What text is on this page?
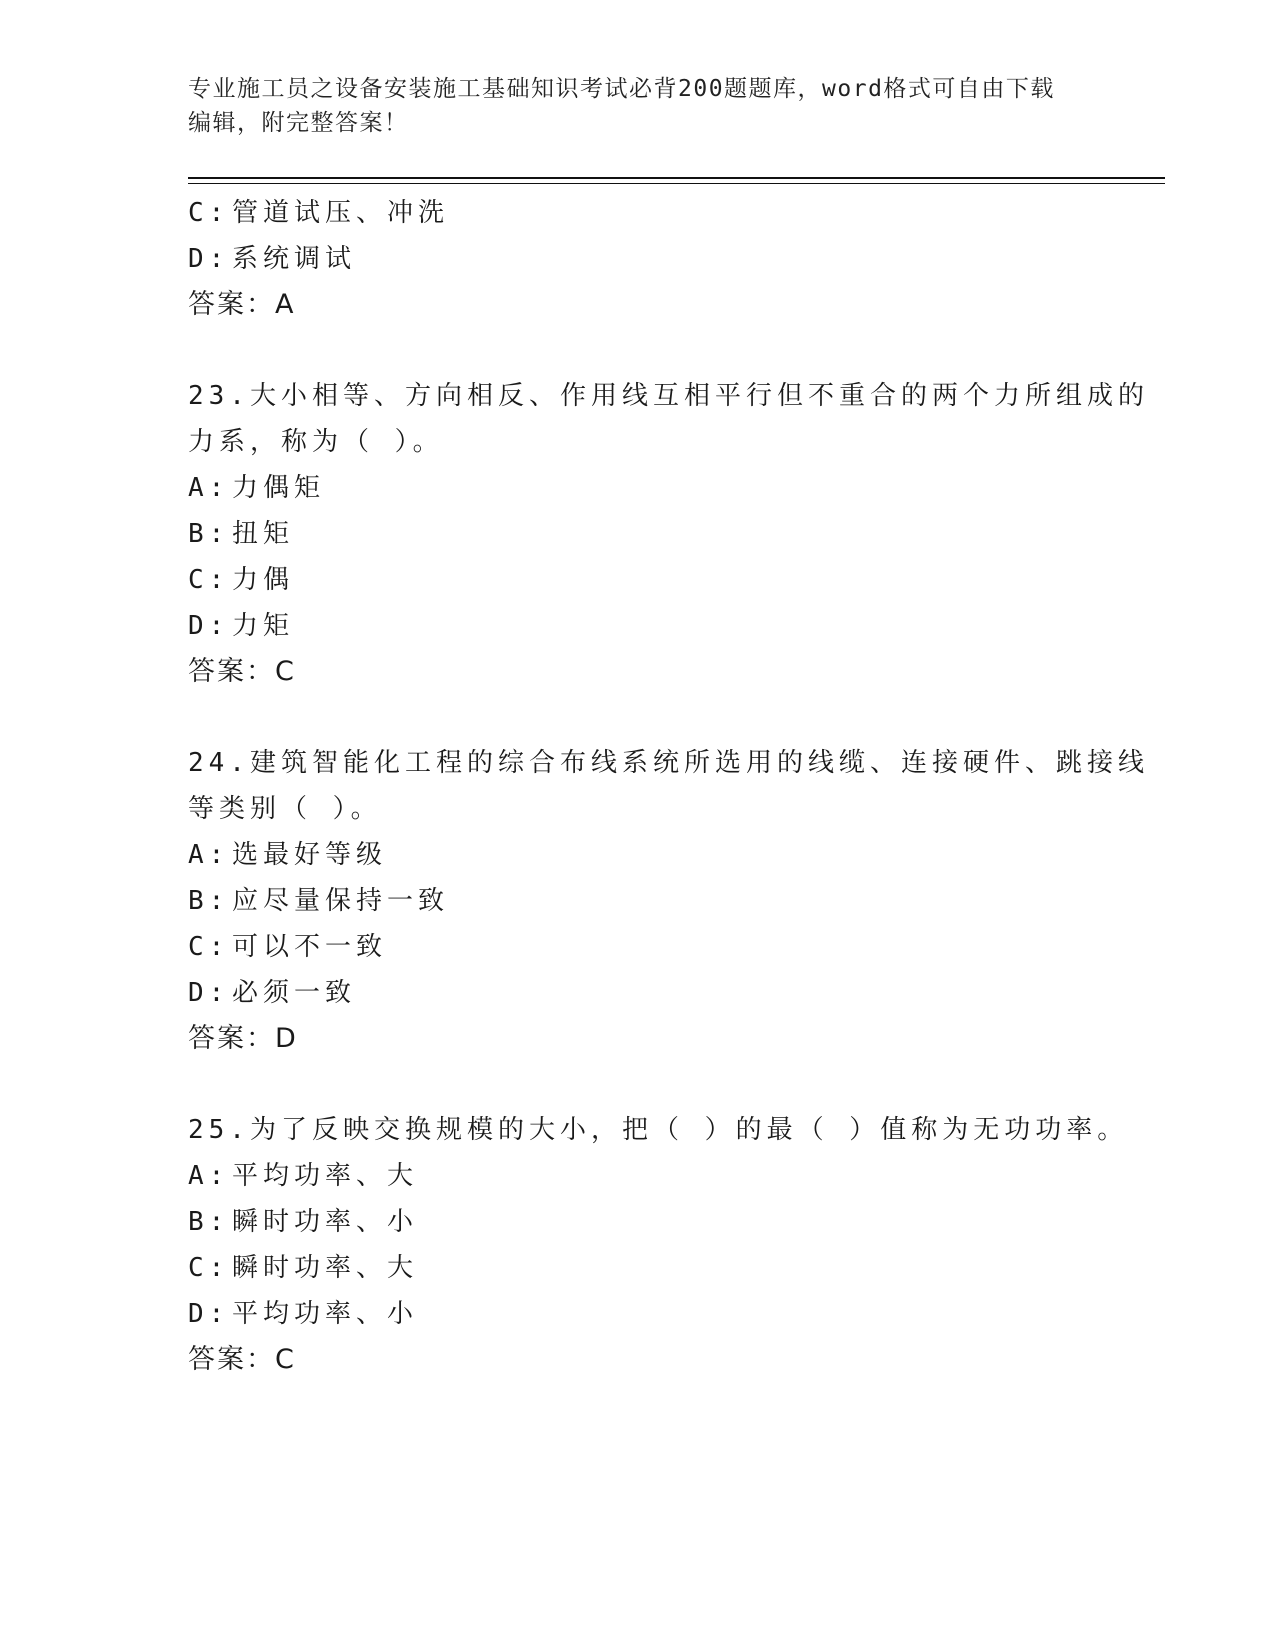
专业施工员之设备安装施工基础知识考试必背200题题库，word格式可自由下载
编辑，附完整答案！
C: 管道试压、冲洗
D: 系统调试
答案：A
23.大小相等、方向相反、作用线互相平行但不重合的两个力所组成的
力系，称为（ ）。
A: 力偶矩
B: 扭矩
C: 力偶
D: 力矩
答案：C
24.建筑智能化工程的综合布线系统所选用的线缆、连接硬件、跳接线
等类别（ ）。
A: 选最好等级
B: 应尽量保持一致
C: 可以不一致
D: 必须一致
答案：D
25.为了反映交换规模的大小，把（ ）的最（ ）值称为无功功率。
A: 平均功率、大
B: 瞬时功率、小
C: 瞬时功率、大
D: 平均功率、小
答案：C
